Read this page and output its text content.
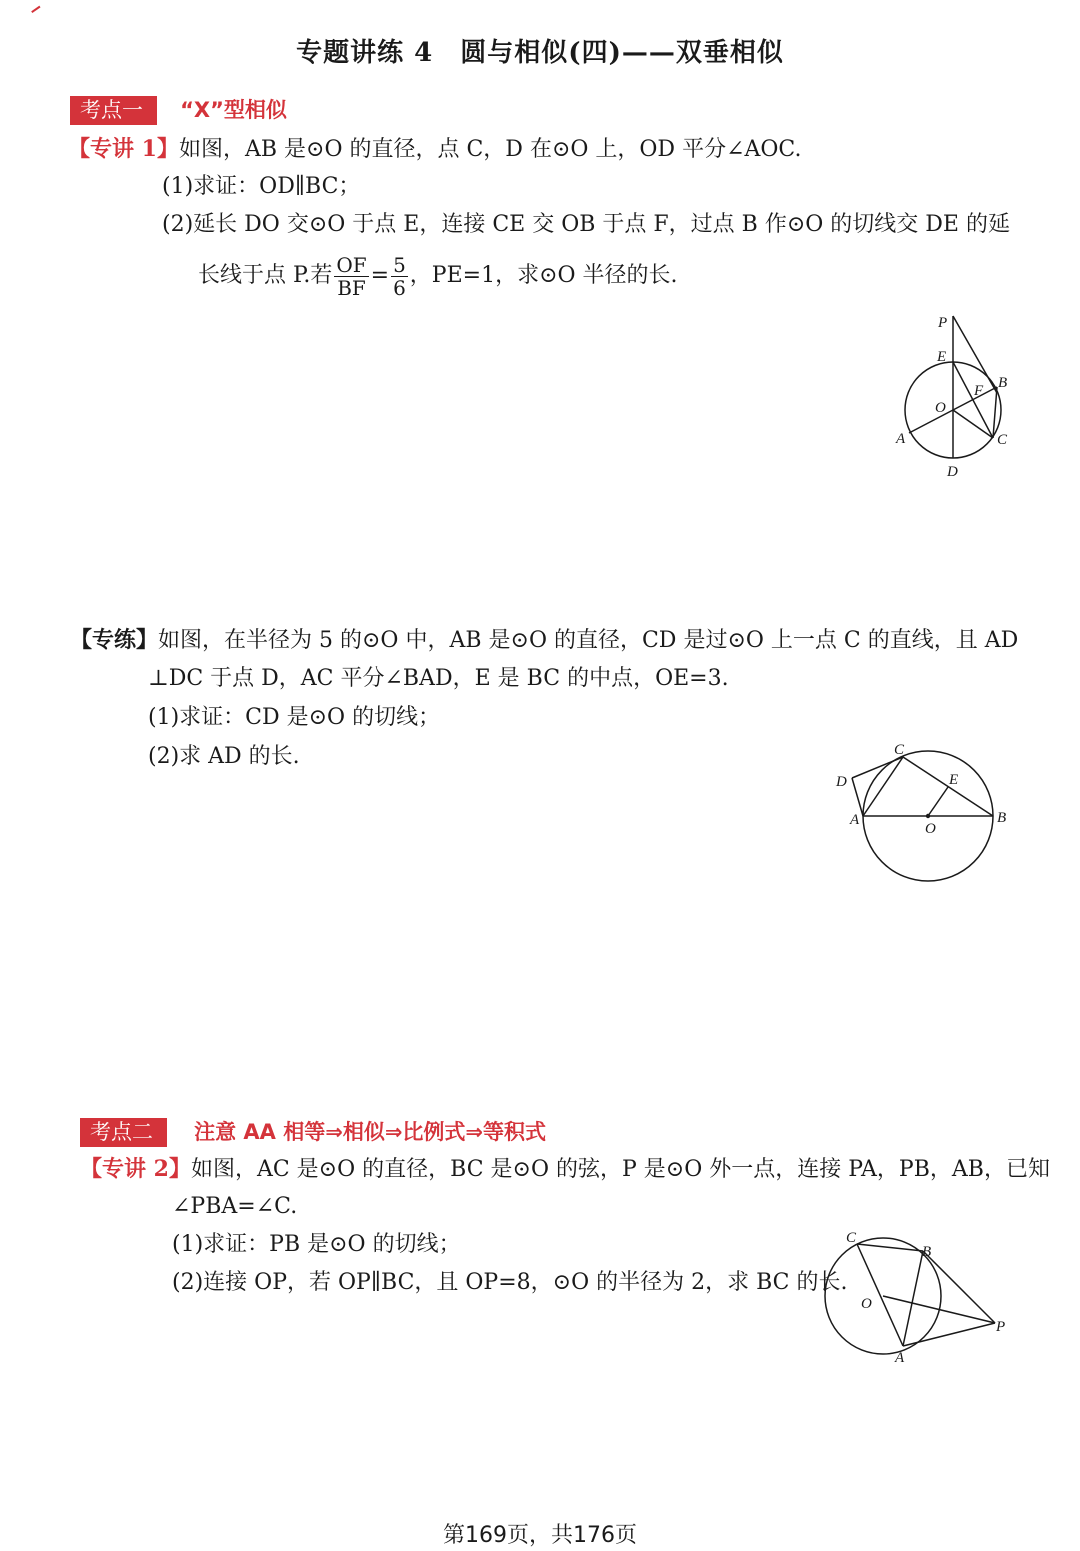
专题讲练 4　圆与相似(四)——双垂相似
考点一 “X”型相似
【专讲 1】如图，AB 是⊙O 的直径，点 C，D 在⊙O 上，OD 平分∠AOC.
(1)求证：OD∥BC；
(2)延长 DO 交⊙O 于点 E，连接 CE 交 OB 于点 F，过点 B 作⊙O 的切线交 DE 的延
长线于点 P.若 $\frac{OF}{BF} = \frac{5}{6}$ ，PE=1，求⊙O 半径的长.
P
E
F B
O
A	C
D
【专练】如图，在半径为 5 的⊙O 中，AB 是⊙O 的直径，CD 是过⊙O 上一点 C 的直线，且 AD
⊥DC 于点 D，AC 平分∠BAD，E 是 BC 的中点，OE=3.
(1)求证：CD 是⊙O 的切线；
(2)求 AD 的长.	C
D	E
A
O
B
考点二 注意 AA 相等⇒相似⇒比例式⇒等积式
【专讲 2】如图，AC 是⊙O 的直径，BC 是⊙O 的弦，P 是⊙O 外一点，连接 PA，PB，AB，已知
∠PBA=∠C.
(1)求证：PB 是⊙O 的切线；
(2)连接 OP，若 OP∥BC，且 OP=8，⊙O 的半径为 2，求 BC 的长.
C
B
O
P
A
第169页，共176页
